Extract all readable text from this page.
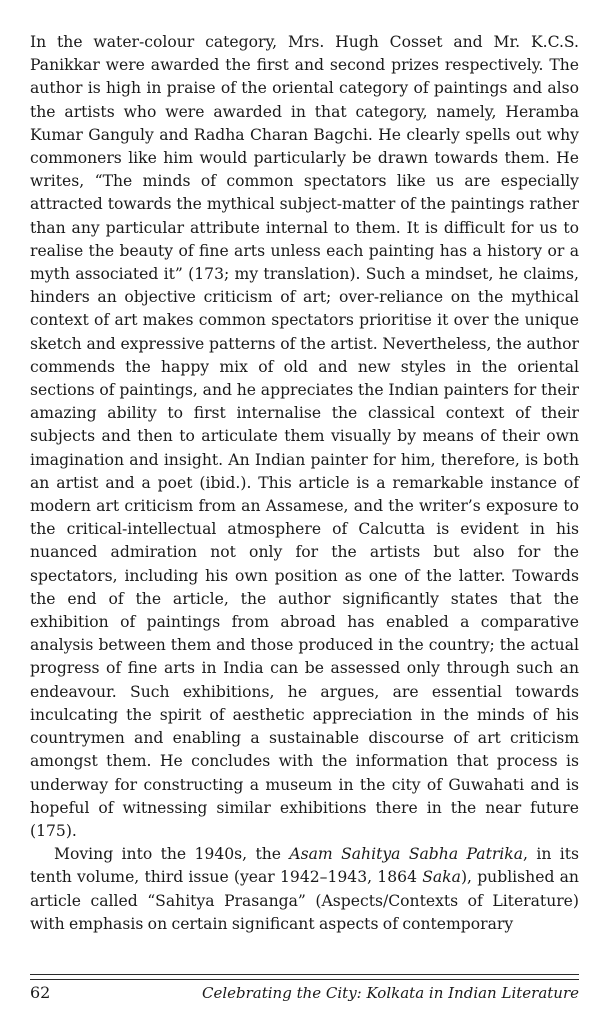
In the water-colour category, Mrs. Hugh Cosset and Mr. K.C.S. Panikkar were awarded the first and second prizes respectively. The author is high in praise of the oriental category of paintings and also the artists who were awarded in that category, namely, Heramba Kumar Ganguly and Radha Charan Bagchi. He clearly spells out why commoners like him would particularly be drawn towards them. He writes, “The minds of common spectators like us are especially attracted towards the mythical subject-matter of the paintings rather than any particular attribute internal to them. It is difficult for us to realise the beauty of fine arts unless each painting has a history or a myth associated it” (173; my translation). Such a mindset, he claims, hinders an objective criticism of art; over-reliance on the mythical context of art makes common spectators prioritise it over the unique sketch and expressive patterns of the artist. Nevertheless, the author commends the happy mix of old and new styles in the oriental sections of paintings, and he appreciates the Indian painters for their amazing ability to first internalise the classical context of their subjects and then to articulate them visually by means of their own imagination and insight. An Indian painter for him, therefore, is both an artist and a poet (ibid.). This article is a remarkable instance of modern art criticism from an Assamese, and the writer’s exposure to the critical-intellectual atmosphere of Calcutta is evident in his nuanced admiration not only for the artists but also for the spectators, including his own position as one of the latter. Towards the end of the article, the author significantly states that the exhibition of paintings from abroad has enabled a comparative analysis between them and those produced in the country; the actual progress of fine arts in India can be assessed only through such an endeavour. Such exhibitions, he argues, are essential towards inculcating the spirit of aesthetic appreciation in the minds of his countrymen and enabling a sustainable discourse of art criticism amongst them. He concludes with the information that process is underway for constructing a museum in the city of Guwahati and is hopeful of witnessing similar exhibitions there in the near future (175).

Moving into the 1940s, the Asam Sahitya Sabha Patrika, in its tenth volume, third issue (year 1942–1943, 1864 Saka), published an article called “Sahitya Prasanga” (Aspects/Contexts of Literature) with emphasis on certain significant aspects of contemporary

62	Celebrating the City: Kolkata in Indian Literature
